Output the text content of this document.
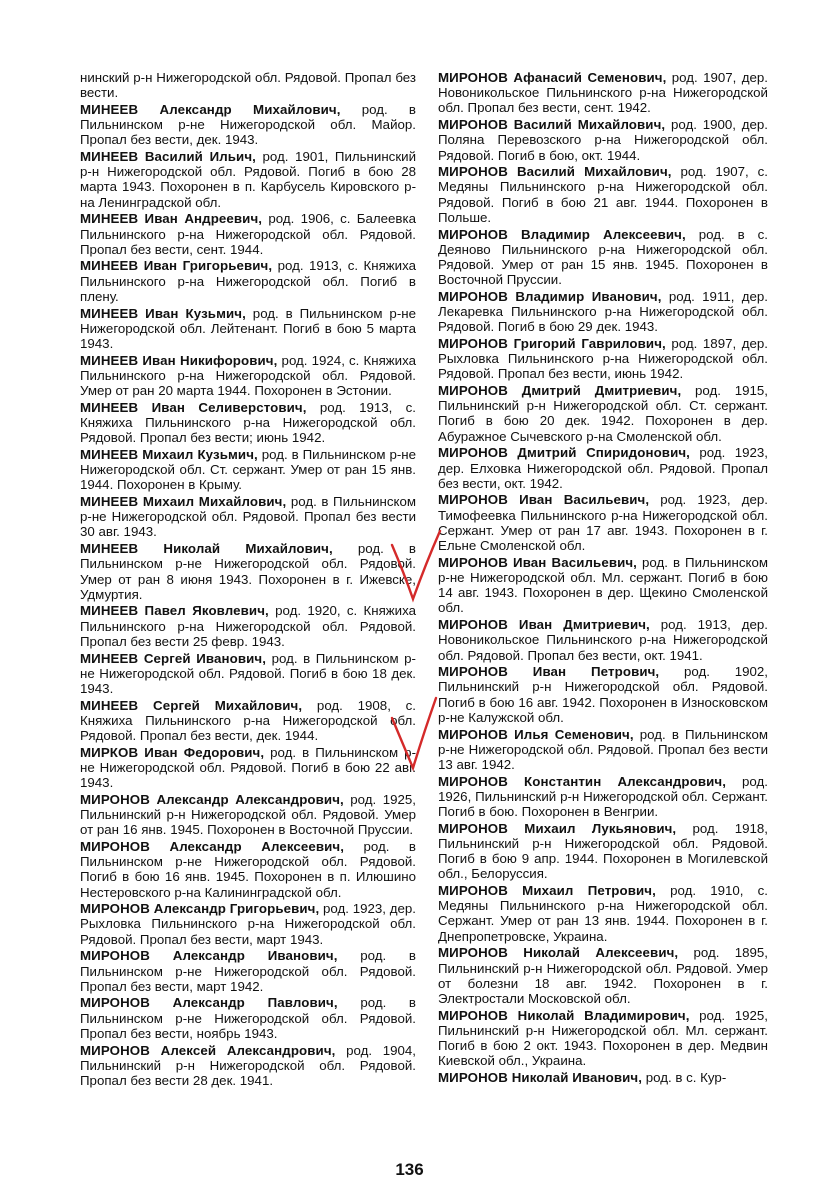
нинский р-н Нижегородской обл. Рядовой. Пропал без вести.

МИНЕЕВ Александр Михайлович, род. в Пильнинском р-не Нижегородской обл. Майор. Пропал без вести, дек. 1943.

МИНЕЕВ Василий Ильич, род. 1901, Пильнинский р-н Нижегородской обл. Рядовой. Погиб в бою 28 марта 1943. Похоронен в п. Карбусель Кировского р-на Ленинградской обл.

МИНЕЕВ Иван Андреевич, род. 1906, с. Балеевка Пильнинского р-на Нижегородской обл. Рядовой. Пропал без вести, сент. 1944.

МИНЕЕВ Иван Григорьевич, род. 1913, с. Княжиха Пильнинского р-на Нижегородской обл. Погиб в плену.

МИНЕЕВ Иван Кузьмич, род. в Пильнинском р-не Нижегородской обл. Лейтенант. Погиб в бою 5 марта 1943.

МИНЕЕВ Иван Никифорович, род. 1924, с. Княжиха Пильнинского р-на Нижегородской обл. Рядовой. Умер от ран 20 марта 1944. Похоронен в Эстонии.

МИНЕЕВ Иван Селиверстович, род. 1913, с. Княжиха Пильнинского р-на Нижегородской обл. Рядовой. Пропал без вести; июнь 1942.

МИНЕЕВ Михаил Кузьмич, род. в Пильнинском р-не Нижегородской обл. Ст. сержант. Умер от ран 15 янв. 1944. Похоронен в Крыму.

МИНЕЕВ Михаил Михайлович, род. в Пильнинском р-не Нижегородской обл. Рядовой. Пропал без вести 30 авг. 1943.

МИНЕЕВ Николай Михайлович, род. в Пильнинском р-не Нижегородской обл. Рядовой. Умер от ран 8 июня 1943. Похоронен в г. Ижевске, Удмуртия.

МИНЕЕВ Павел Яковлевич, род. 1920, с. Княжиха Пильнинского р-на Нижегородской обл. Рядовой. Пропал без вести 25 февр. 1943.

МИНЕЕВ Сергей Иванович, род. в Пильнинском р-не Нижегородской обл. Рядовой. Погиб в бою 18 дек. 1943.

МИНЕЕВ Сергей Михайлович, род. 1908, с. Княжиха Пильнинского р-на Нижегородской обл. Рядовой. Пропал без вести, дек. 1944.

МИРКОВ Иван Федорович, род. в Пильнинском р-не Нижегородской обл. Рядовой. Погиб в бою 22 авг. 1943.

МИРОНОВ Александр Александрович, род. 1925, Пильнинский р-н Нижегородской обл. Рядовой. Умер от ран 16 янв. 1945. Похоронен в Восточной Пруссии.

МИРОНОВ Александр Алексеевич, род. в Пильнинском р-не Нижегородской обл. Рядовой. Погиб в бою 16 янв. 1945. Похоронен в п. Илюшино Нестеровского р-на Калининградской обл.

МИРОНОВ Александр Григорьевич, род. 1923, дер. Рыхловка Пильнинского р-на Нижегородской обл. Рядовой. Пропал без вести, март 1943.

МИРОНОВ Александр Иванович, род. в Пильнинском р-не Нижегородской обл. Рядовой. Пропал без вести, март 1942.

МИРОНОВ Александр Павлович, род. в Пильнинском р-не Нижегородской обл. Рядовой. Пропал без вести, ноябрь 1943.

МИРОНОВ Алексей Александрович, род. 1904, Пильнинский р-н Нижегородской обл. Рядовой. Пропал без вести 28 дек. 1941.

МИРОНОВ Афанасий Семенович, род. 1907, дер. Новоникольское Пильнинского р-на Нижегородской обл. Пропал без вести, сент. 1942.

МИРОНОВ Василий Михайлович, род. 1900, дер. Поляна Перевозского р-на Нижегородской обл. Рядовой. Погиб в бою, окт. 1944.

МИРОНОВ Василий Михайлович, род. 1907, с. Медяны Пильнинского р-на Нижегородской обл. Рядовой. Погиб в бою 21 авг. 1944. Похоронен в Польше.

МИРОНОВ Владимир Алексеевич, род. в с. Деяново Пильнинского р-на Нижегородской обл. Рядовой. Умер от ран 15 янв. 1945. Похоронен в Восточной Пруссии.

МИРОНОВ Владимир Иванович, род. 1911, дер. Лекаревка Пильнинского р-на Нижегородской обл. Рядовой. Погиб в бою 29 дек. 1943.

МИРОНОВ Григорий Гаврилович, род. 1897, дер. Рыхловка Пильнинского р-на Нижегородской обл. Рядовой. Пропал без вести, июнь 1942.

МИРОНОВ Дмитрий Дмитриевич, род. 1915, Пильнинский р-н Нижегородской обл. Ст. сержант. Погиб в бою 20 дек. 1942. Похоронен в дер. Абуражное Сычевского р-на Смоленской обл.

МИРОНОВ Дмитрий Спиридонович, род. 1923, дер. Елховка Нижегородской обл. Рядовой. Пропал без вести, окт. 1942.

МИРОНОВ Иван Васильевич, род. 1923, дер. Тимофеевка Пильнинского р-на Нижегородской обл. Сержант. Умер от ран 17 авг. 1943. Похоронен в г. Ельне Смоленской обл.

МИРОНОВ Иван Васильевич, род. в Пильнинском р-не Нижегородской обл. Мл. сержант. Погиб в бою 14 авг. 1943. Похоронен в дер. Щекино Смоленской обл.

МИРОНОВ Иван Дмитриевич, род. 1913, дер. Новоникольское Пильнинского р-на Нижегородской обл. Рядовой. Пропал без вести, окт. 1941.

МИРОНОВ Иван Петрович, род. 1902, Пильнинский р-н Нижегородской обл. Рядовой. Погиб в бою 16 авг. 1942. Похоронен в Износковском р-не Калужской обл.

МИРОНОВ Илья Семенович, род. в Пильнинском р-не Нижегородской обл. Рядовой. Пропал без вести 13 авг. 1942.

МИРОНОВ Константин Александрович, род. 1926, Пильнинский р-н Нижегородской обл. Сержант. Погиб в бою. Похоронен в Венгрии.

МИРОНОВ Михаил Лукьянович, род. 1918, Пильнинский р-н Нижегородской обл. Рядовой. Погиб в бою 9 апр. 1944. Похоронен в Могилевской обл., Белоруссия.

МИРОНОВ Михаил Петрович, род. 1910, с. Медяны Пильнинского р-на Нижегородской обл. Сержант. Умер от ран 13 янв. 1944. Похоронен в г. Днепропетровске, Украина.

МИРОНОВ Николай Алексеевич, род. 1895, Пильнинский р-н Нижегородской обл. Рядовой. Умер от болезни 18 авг. 1942. Похоронен в г. Электростали Московской обл.

МИРОНОВ Николай Владимирович, род. 1925, Пильнинский р-н Нижегородской обл. Мл. сержант. Погиб в бою 2 окт. 1943. Похоронен в дер. Медвин Киевской обл., Украина.

МИРОНОВ Николай Иванович, род. в с. Кур-

136
